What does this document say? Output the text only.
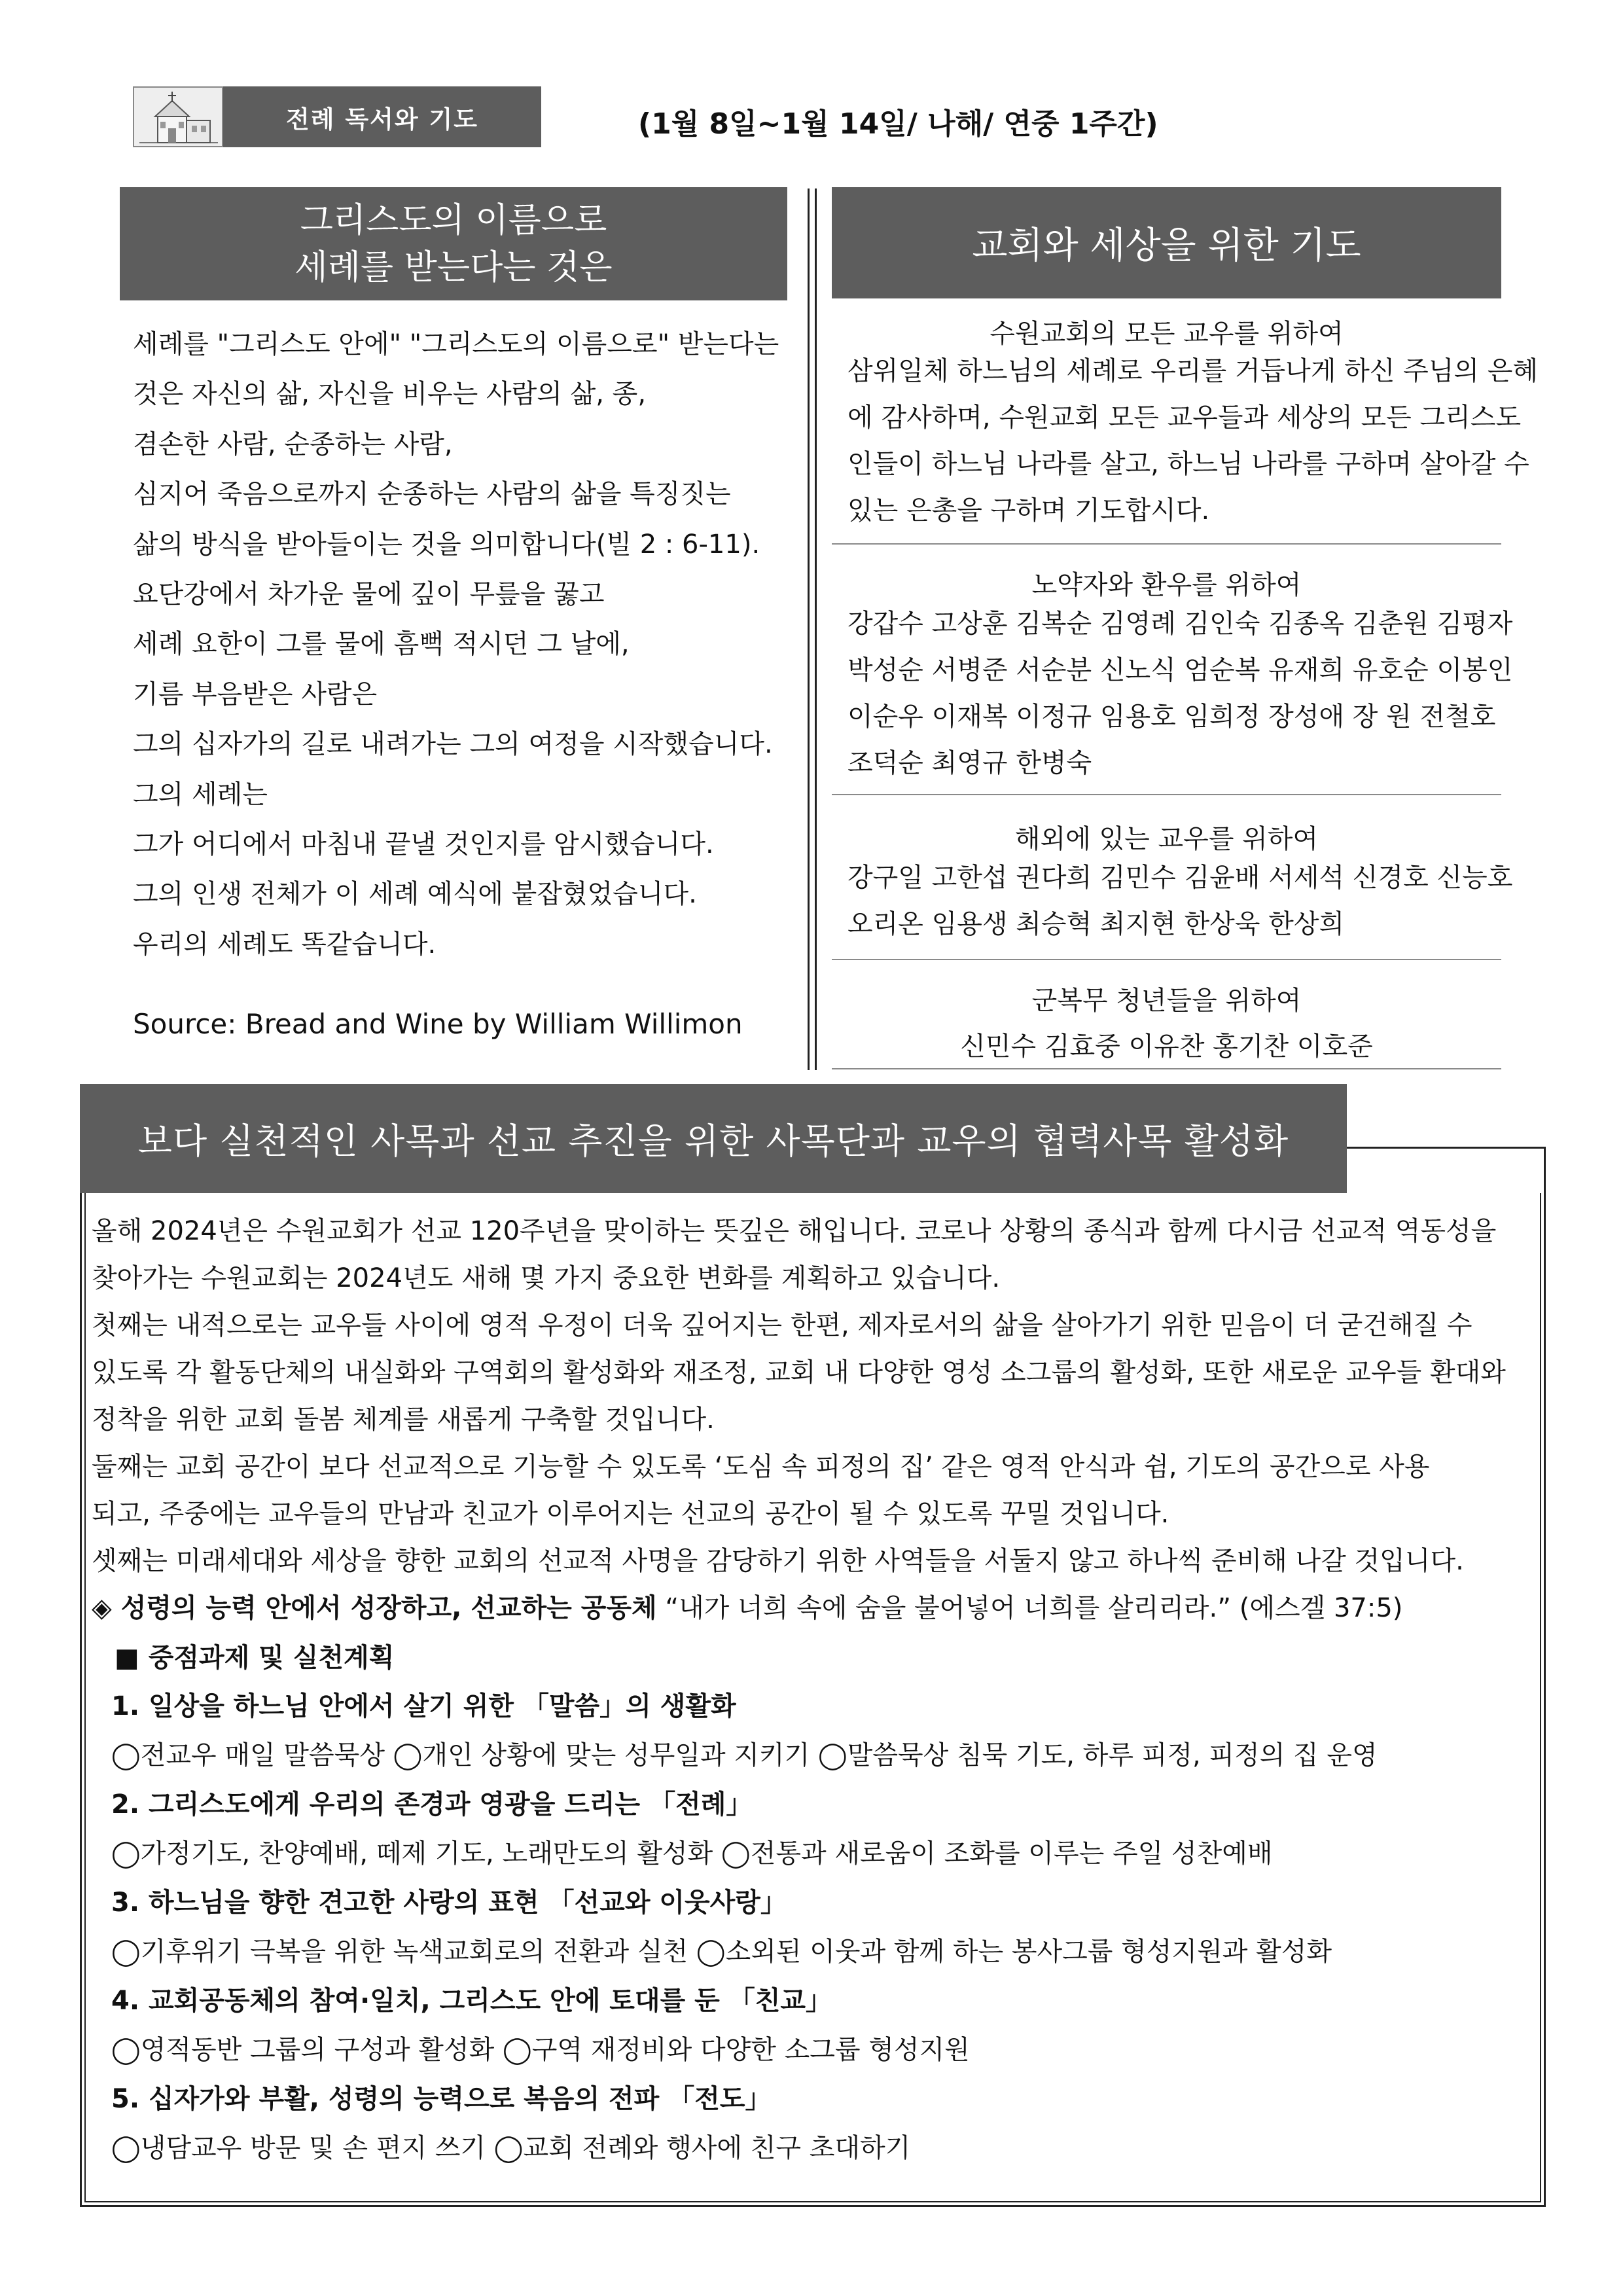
전례 독서와 기도	(1월 8일~1월 14일/ 나해/ 연중 1주간)
그리스도의 이름으로
세례를 받는다는 것은
세례를 "그리스도 안에" "그리스도의 이름으로" 받는다는
것은 자신의 삶, 자신을 비우는 사람의 삶, 종,
겸손한 사람, 순종하는 사람,
심지어 죽음으로까지 순종하는 사람의 삶을 특징짓는
삶의 방식을 받아들이는 것을 의미합니다(빌 2 : 6-11).
요단강에서 차가운 물에 깊이 무릎을 꿇고
세례 요한이 그를 물에 흠뻑 적시던 그 날에,
기름 부음받은 사람은
그의 십자가의 길로 내려가는 그의 여정을 시작했습니다.
그의 세례는
그가 어디에서 마침내 끝낼 것인지를 암시했습니다.
그의 인생 전체가 이 세례 예식에 붙잡혔었습니다.
우리의 세례도 똑같습니다.
Source: Bread and Wine by William Willimon
교회와 세상을 위한 기도
수원교회의 모든 교우를 위하여
삼위일체 하느님의 세례로 우리를 거듭나게 하신 주님의 은혜
에 감사하며, 수원교회 모든 교우들과 세상의 모든 그리스도
인들이 하느님 나라를 살고, 하느님 나라를 구하며 살아갈 수
있는 은총을 구하며 기도합시다.
노약자와 환우를 위하여
강갑수 고상훈 김복순 김영례 김인숙 김종옥 김춘원 김평자
박성순 서병준 서순분 신노식 엄순복 유재희 유호순 이봉인
이순우 이재복 이정규 임용호 임희정 장성애 장 원 전철호
조덕순 최영규 한병숙
해외에 있는 교우를 위하여
강구일 고한섭 권다희 김민수 김윤배 서세석 신경호 신능호
오리온 임용생 최승혁 최지현 한상욱 한상희
군복무 청년들을 위하여
신민수 김효중 이유찬 홍기찬 이호준
보다 실천적인 사목과 선교 추진을 위한 사목단과 교우의 협력사목 활성화
올해 2024년은 수원교회가 선교 120주년을 맞이하는 뜻깊은 해입니다. 코로나 상황의 종식과 함께 다시금 선교적 역동성을
찾아가는 수원교회는 2024년도 새해 몇 가지 중요한 변화를 계획하고 있습니다.
첫째는 내적으로는 교우들 사이에 영적 우정이 더욱 깊어지는 한편, 제자로서의 삶을 살아가기 위한 믿음이 더 굳건해질 수
있도록 각 활동단체의 내실화와 구역회의 활성화와 재조정, 교회 내 다양한 영성 소그룹의 활성화, 또한 새로운 교우들 환대와
정착을 위한 교회 돌봄 체계를 새롭게 구축할 것입니다.
둘째는 교회 공간이 보다 선교적으로 기능할 수 있도록 ‘도심 속 피정의 집’ 같은 영적 안식과 쉼, 기도의 공간으로 사용
되고, 주중에는 교우들의 만남과 친교가 이루어지는 선교의 공간이 될 수 있도록 꾸밀 것입니다.
셋째는 미래세대와 세상을 향한 교회의 선교적 사명을 감당하기 위한 사역들을 서둘지 않고 하나씩 준비해 나갈 것입니다.
◈ 성령의 능력 안에서 성장하고, 선교하는 공동체 “내가 너희 속에 숨을 불어넣어 너희를 살리리라.” (에스겔 37:5)
■ 중점과제 및 실천계획
1. 일상을 하느님 안에서 살기 위한 「말씀」의 생활화
◯전교우 매일 말씀묵상 ◯개인 상황에 맞는 성무일과 지키기 ◯말씀묵상 침묵 기도, 하루 피정, 피정의 집 운영
2. 그리스도에게 우리의 존경과 영광을 드리는 「전례」
◯가정기도, 찬양예배, 떼제 기도, 노래만도의 활성화 ◯전통과 새로움이 조화를 이루는 주일 성찬예배
3. 하느님을 향한 견고한 사랑의 표현 「선교와 이웃사랑」
◯기후위기 극복을 위한 녹색교회로의 전환과 실천 ◯소외된 이웃과 함께 하는 봉사그룹 형성지원과 활성화
4. 교회공동체의 참여·일치, 그리스도 안에 토대를 둔 「친교」
◯영적동반 그룹의 구성과 활성화 ◯구역 재정비와 다양한 소그룹 형성지원
5. 십자가와 부활, 성령의 능력으로 복음의 전파 「전도」
◯냉담교우 방문 및 손 편지 쓰기 ◯교회 전례와 행사에 친구 초대하기
